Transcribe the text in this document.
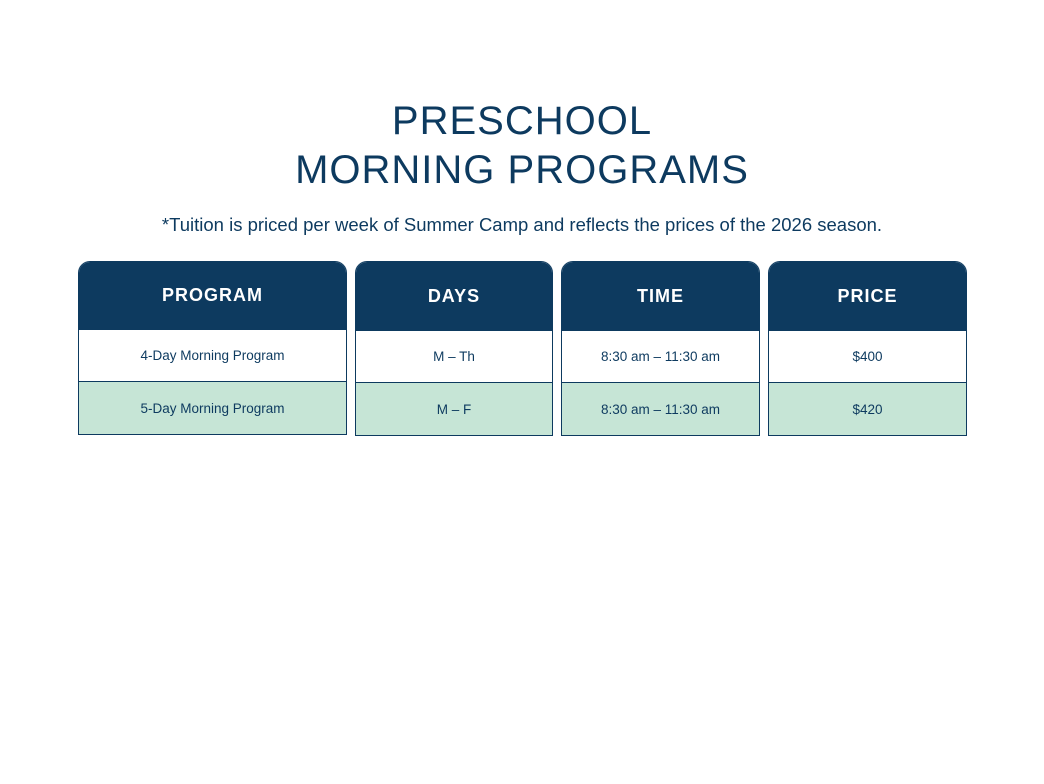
PRESCHOOL
MORNING PROGRAMS
*Tuition is priced per week of Summer Camp and reflects the prices of the 2026 season.
PROGRAM
4-Day Morning Program
5-Day Morning Program
DAYS
M – Th
M – F
TIME
8:30 am – 11:30 am
8:30 am – 11:30 am
PRICE
$400
$420
